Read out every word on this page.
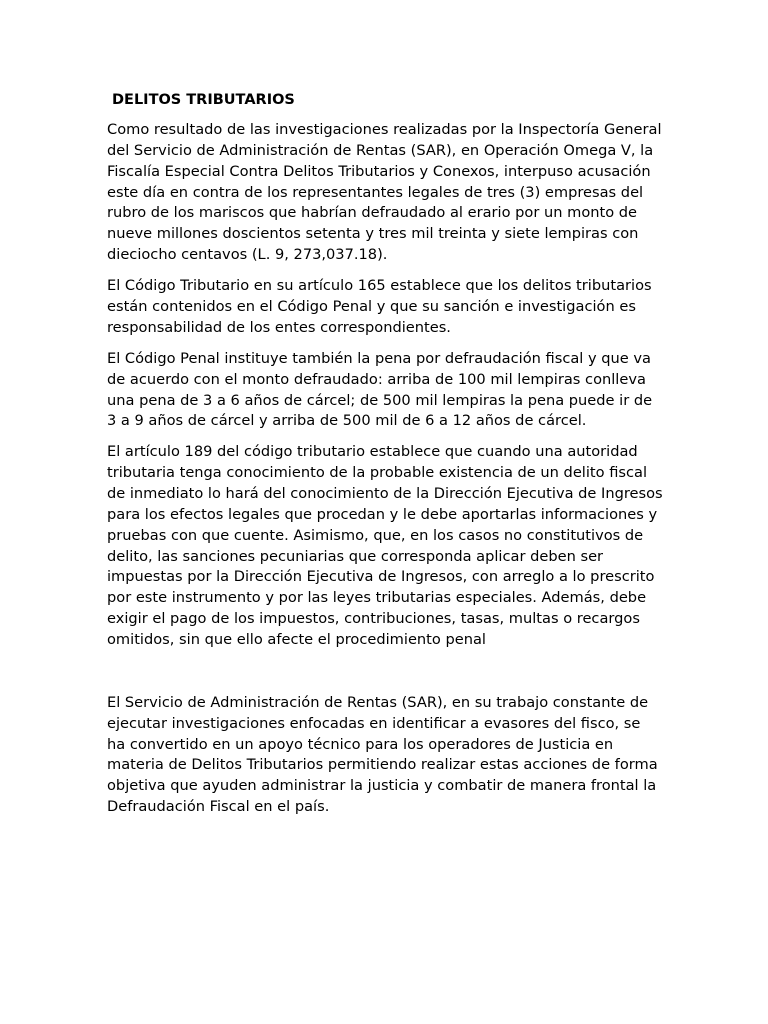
DELITOS TRIBUTARIOS

Como resultado de las investigaciones realizadas por la Inspectoría General del Servicio de Administración de Rentas (SAR), en Operación Omega V, la Fiscalía Especial Contra Delitos Tributarios y Conexos, interpuso acusación este día en contra de los representantes legales de tres (3) empresas del rubro de los mariscos que habrían defraudado al erario por un monto de nueve millones doscientos setenta y tres mil treinta y siete lempiras con dieciocho centavos (L. 9, 273,037.18).

El Código Tributario en su artículo 165 establece que los delitos tributarios están contenidos en el Código Penal y que su sanción e investigación es responsabilidad de los entes correspondientes.

El Código Penal instituye también la pena por defraudación fiscal y que va de acuerdo con el monto defraudado: arriba de 100 mil lempiras conlleva una pena de 3 a 6 años de cárcel; de 500 mil lempiras la pena puede ir de 3 a 9 años de cárcel y arriba de 500 mil de 6 a 12 años de cárcel.

El artículo 189 del código tributario establece que cuando una autoridad tributaria tenga conocimiento de la probable existencia de un delito fiscal de inmediato lo hará del conocimiento de la Dirección Ejecutiva de Ingresos para los efectos legales que procedan y le debe aportarlas informaciones y pruebas con que cuente. Asimismo, que, en los casos no constitutivos de delito, las sanciones pecuniarias que corresponda aplicar deben ser impuestas por la Dirección Ejecutiva de Ingresos, con arreglo a lo prescrito por este instrumento y por las leyes tributarias especiales. Además, debe exigir el pago de los impuestos, contribuciones, tasas, multas o recargos omitidos, sin que ello afecte el procedimiento penal

El Servicio de Administración de Rentas (SAR), en su trabajo constante de ejecutar investigaciones enfocadas en identificar a evasores del fisco, se ha convertido en un apoyo técnico para los operadores de Justicia en materia de Delitos Tributarios permitiendo realizar estas acciones de forma objetiva que ayuden administrar la justicia y combatir de manera frontal la Defraudación Fiscal en el país.
